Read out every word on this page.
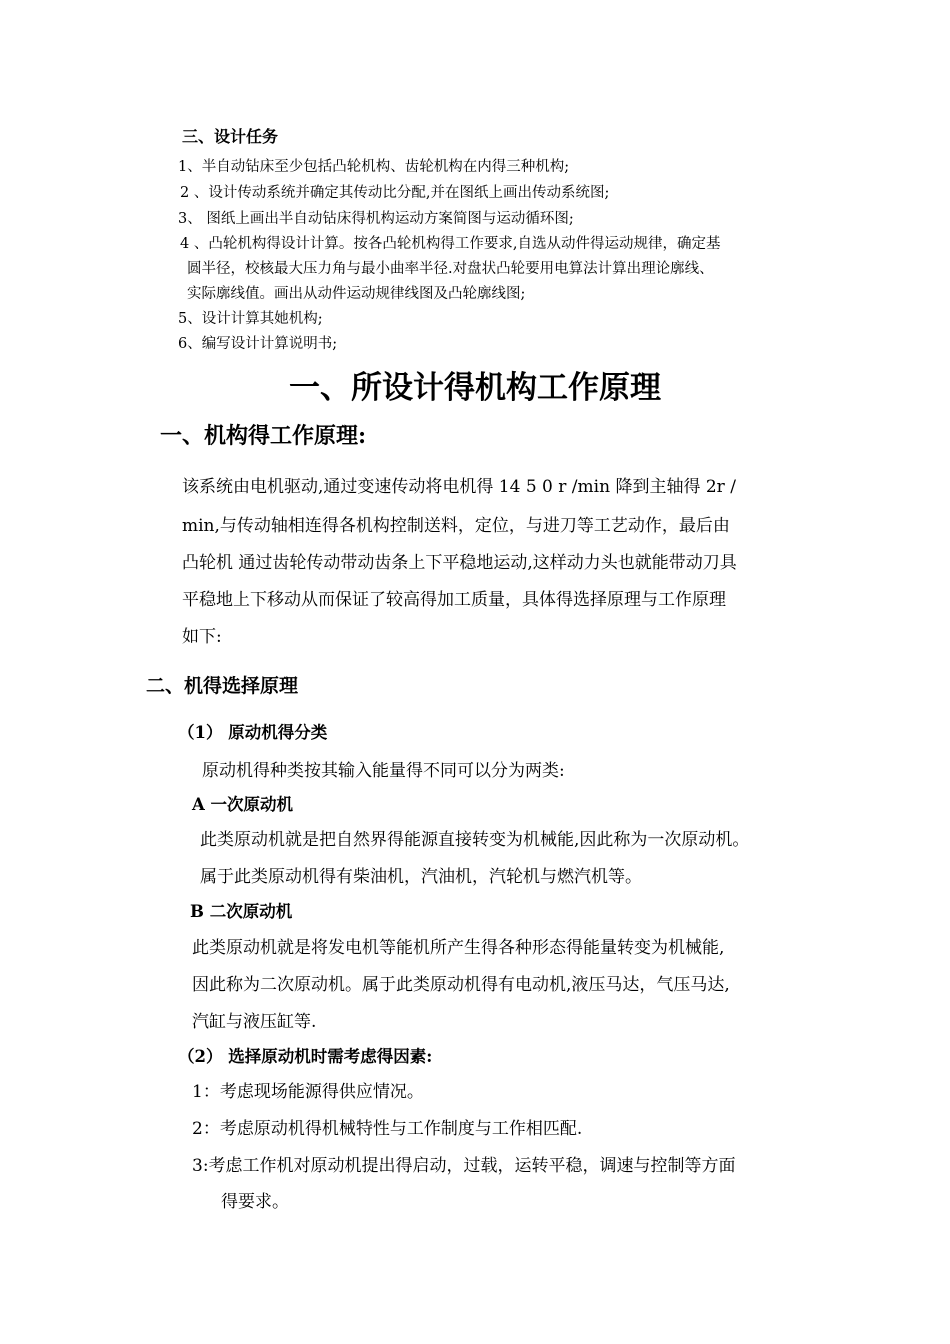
三、设计任务
1、半自动钻床至少包括凸轮机构、齿轮机构在内得三种机构;
2 、设计传动系统并确定其传动比分配,并在图纸上画出传动系统图;
3、 图纸上画出半自动钻床得机构运动方案简图与运动循环图;
4 、凸轮机构得设计计算。按各凸轮机构得工作要求,自选从动件得运动规律，确定基
圆半径，校核最大压力角与最小曲率半径.对盘状凸轮要用电算法计算出理论廓线、
实际廓线值。画出从动件运动规律线图及凸轮廓线图;
5、设计计算其她机构;
6、编写设计计算说明书;
一、所设计得机构工作原理
一、机构得工作原理:
该系统由电机驱动,通过变速传动将电机得 14 5 0 r /min 降到主轴得 2r /
min,与传动轴相连得各机构控制送料，定位，与进刀等工艺动作，最后由
凸轮机 通过齿轮传动带动齿条上下平稳地运动,这样动力头也就能带动刀具
平稳地上下移动从而保证了较高得加工质量，具体得选择原理与工作原理
如下:
二、机得选择原理
（1） 原动机得分类
原动机得种类按其输入能量得不同可以分为两类:
A 一次原动机
此类原动机就是把自然界得能源直接转变为机械能,因此称为一次原动机。
属于此类原动机得有柴油机，汽油机，汽轮机与燃汽机等。
B 二次原动机
此类原动机就是将发电机等能机所产生得各种形态得能量转变为机械能,
因此称为二次原动机。属于此类原动机得有电动机,液压马达，气压马达,
汽缸与液压缸等.
（2） 选择原动机时需考虑得因素:
1：考虑现场能源得供应情况。
2：考虑原动机得机械特性与工作制度与工作相匹配.
3:考虑工作机对原动机提出得启动，过载，运转平稳，调速与控制等方面
得要求。
